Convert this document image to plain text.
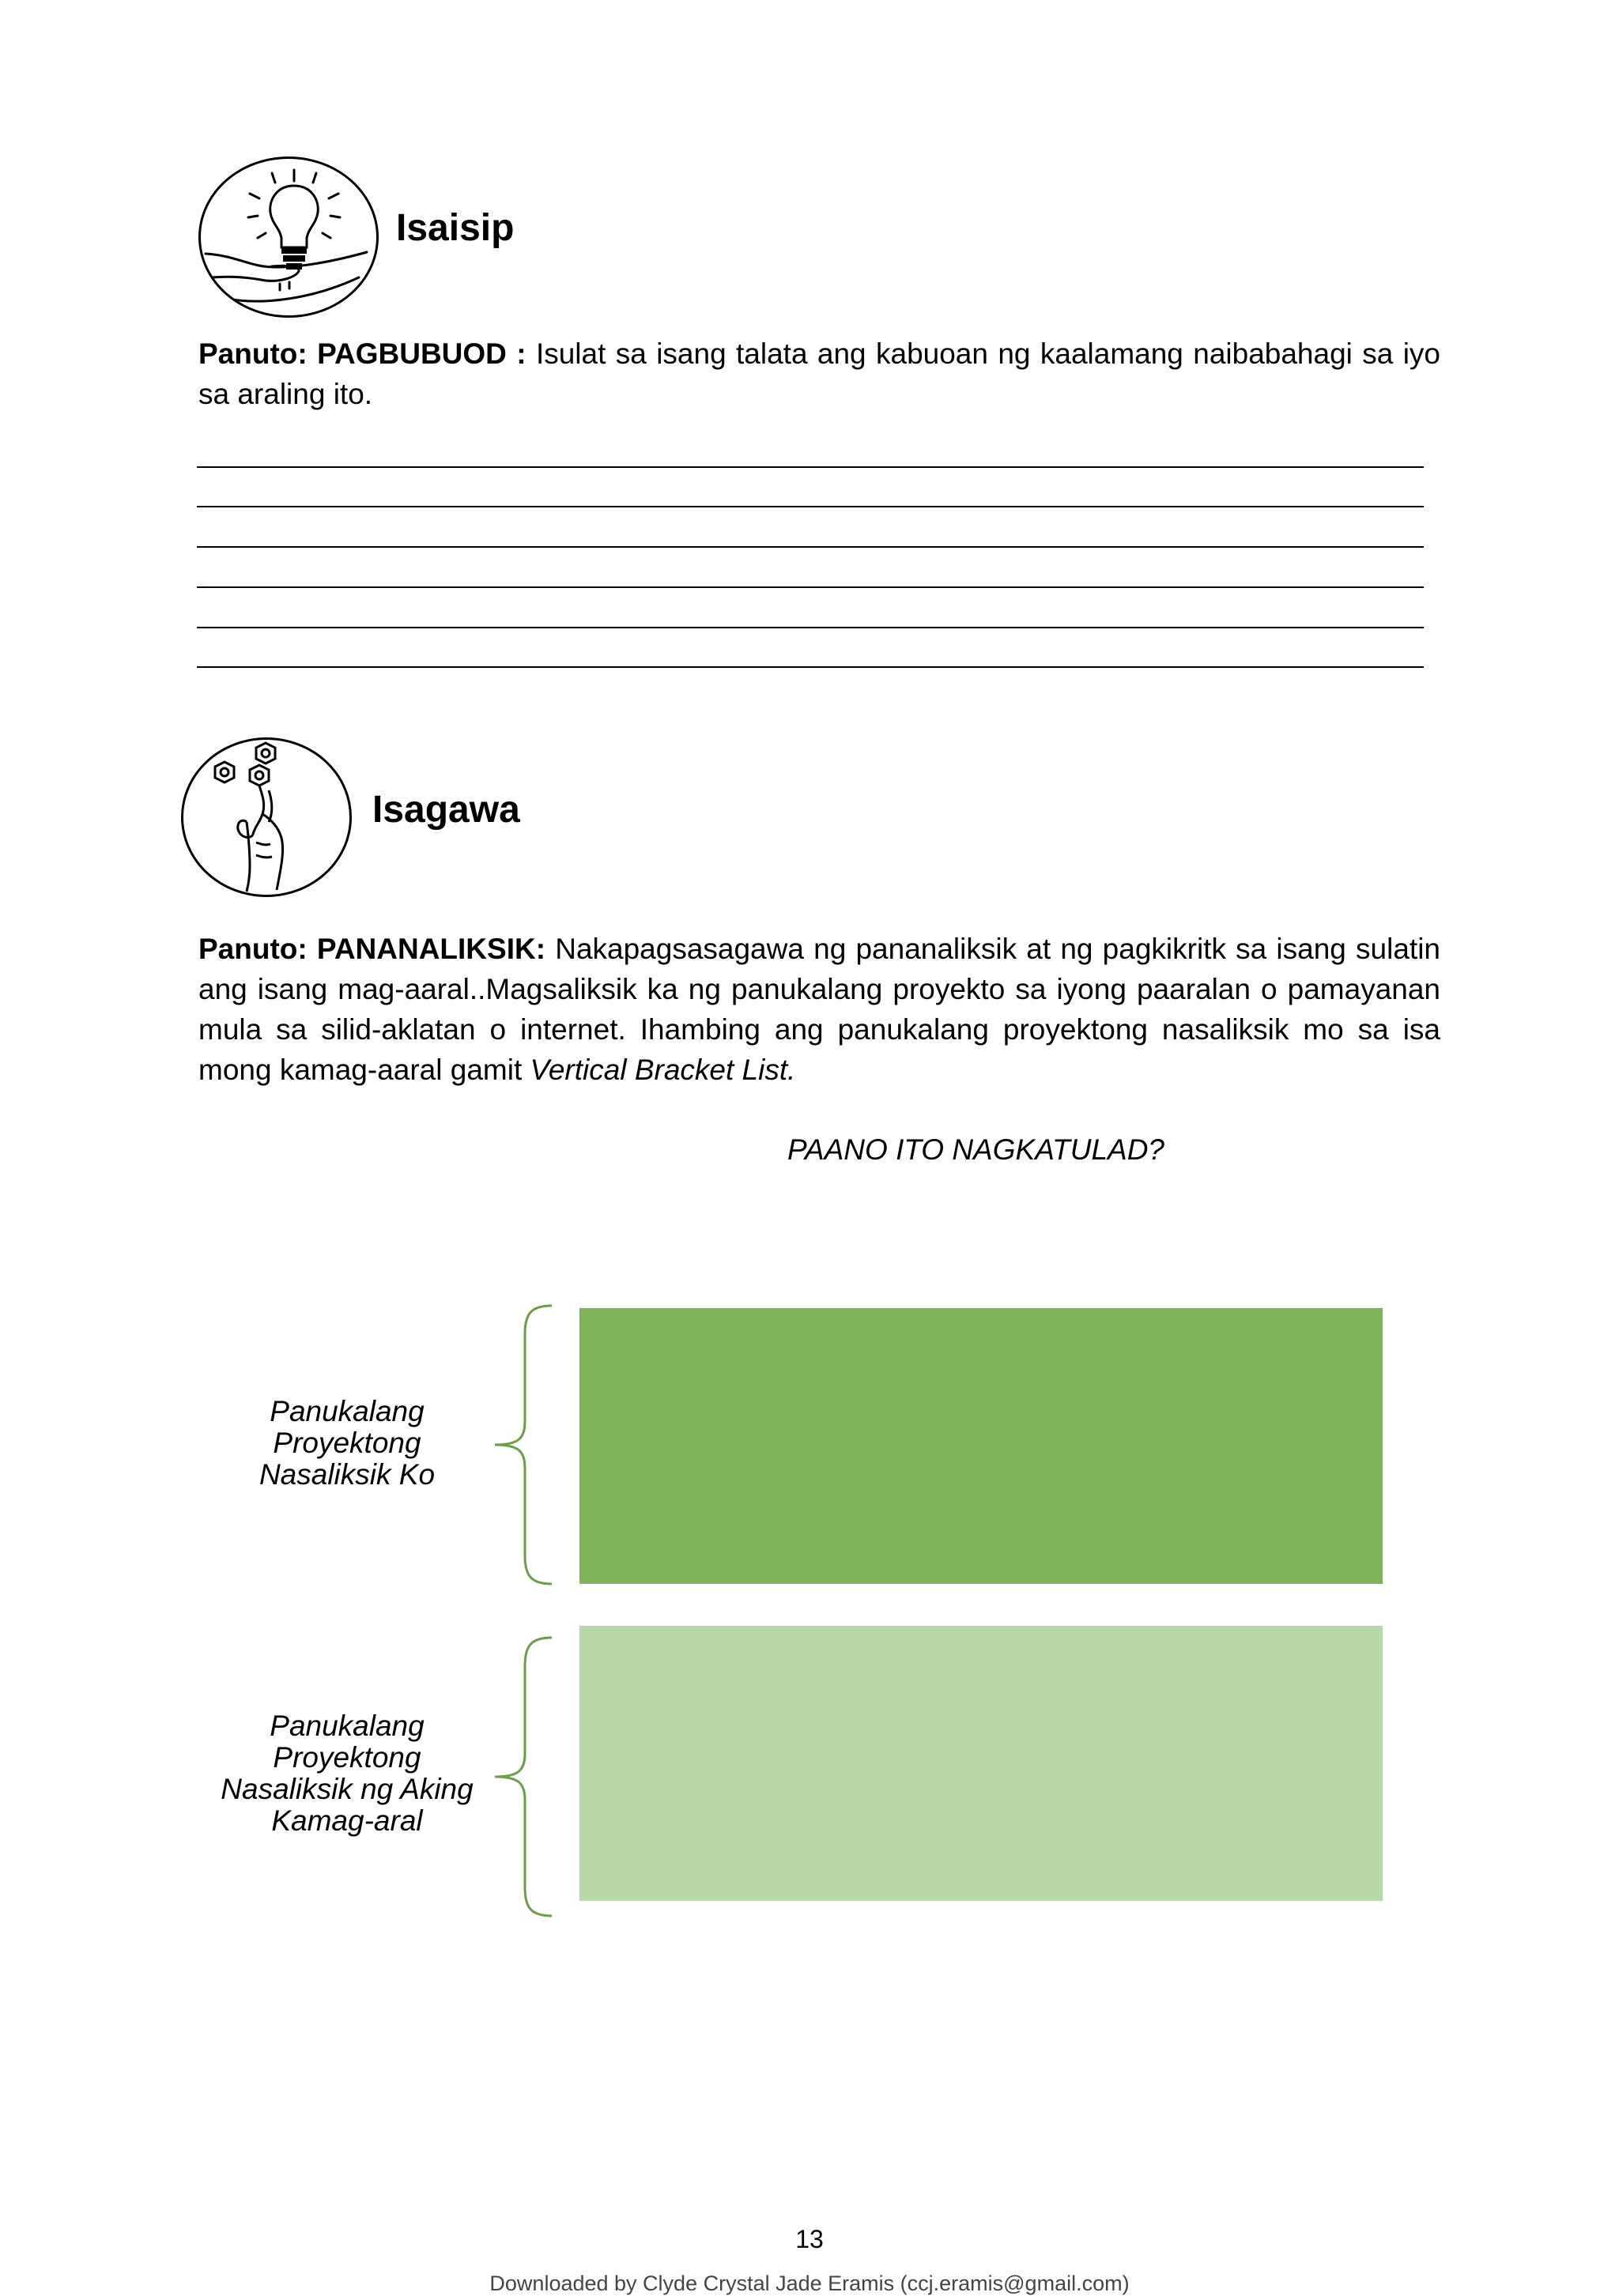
Isaisip
Panuto: PAGBUBUOD : Isulat sa isang talata ang kabuoan ng kaalamang naibabahagi sa iyo sa araling ito.
Isagawa
Panuto: PANANALIKSIK: Nakapagsasagawa ng pananaliksik at ng pagkikritk sa isang sulatin ang isang mag-aaral..Magsaliksik ka ng panukalang proyekto sa iyong paaralan o pamayanan mula sa silid-aklatan o internet. Ihambing ang panukalang proyektong nasaliksik mo sa isa mong kamag-aaral gamit Vertical Bracket List.
PAANO ITO NAGKATULAD?
Panukalang Proyektong Nasaliksik Ko
Panukalang Proyektong Nasaliksik ng Aking Kamag-aral
13
Downloaded by Clyde Crystal Jade Eramis (ccj.eramis@gmail.com)
